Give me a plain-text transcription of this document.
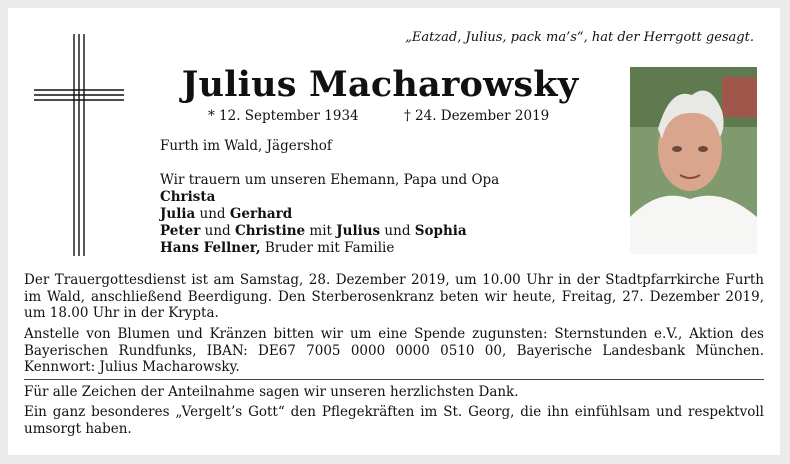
„Eatzad, Julius, pack ma’s“, hat der Herrgott gesagt.
Julius Macharowsky
* 12. September 1934	† 24. Dezember 2019
Furth im Wald, Jägershof
Wir trauern um unseren Ehemann, Papa und Opa
Christa
Julia und Gerhard
Peter und Christine mit Julius und Sophia
Hans Fellner, Bruder mit Familie
Der Trauergottesdienst ist am Samstag, 28. Dezember 2019, um 10.00 Uhr in der Stadtpfarrkirche Furth im Wald, anschließend Beerdigung. Den Sterberosenkranz beten wir heute, Freitag, 27. Dezember 2019, um 18.00 Uhr in der Krypta.
Anstelle von Blumen und Kränzen bitten wir um eine Spende zugunsten: Sternstunden e.V., Aktion des Bayerischen Rundfunks, IBAN: DE67 7005 0000 0000 0510 00, Bayerische Landesbank München. Kennwort: Julius Macharowsky.
Für alle Zeichen der Anteilnahme sagen wir unseren herzlichsten Dank.
Ein ganz besonderes „Vergelt’s Gott“ den Pflegekräften im St. Georg, die ihn einfühlsam und respektvoll umsorgt haben.
